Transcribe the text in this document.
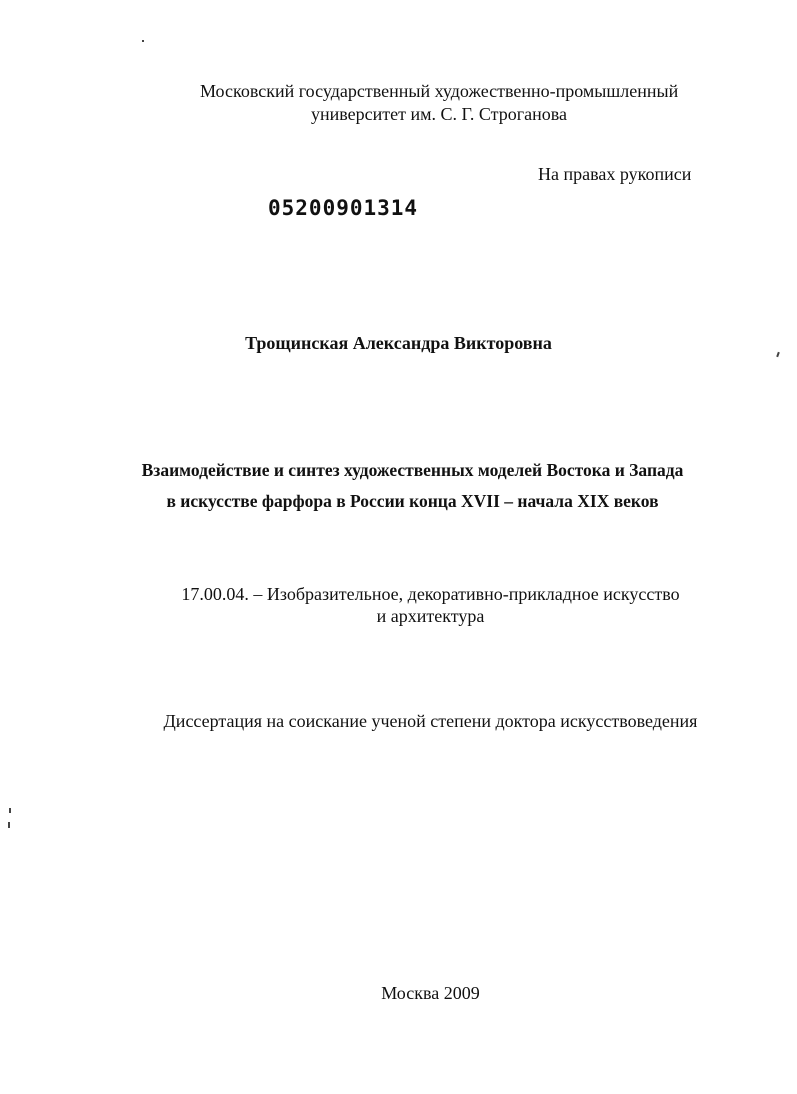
Московский государственный художественно-промышленный
университет им. С. Г. Строганова
На правах рукописи
05200901314
Трощинская Александра Викторовна
Взаимодействие и синтез художественных моделей Востока и Запада
в искусстве фарфора в России конца XVII – начала XIX веков
17.00.04. – Изобразительное, декоративно-прикладное искусство
и архитектура
Диссертация на соискание ученой степени доктора искусствоведения
Москва 2009
